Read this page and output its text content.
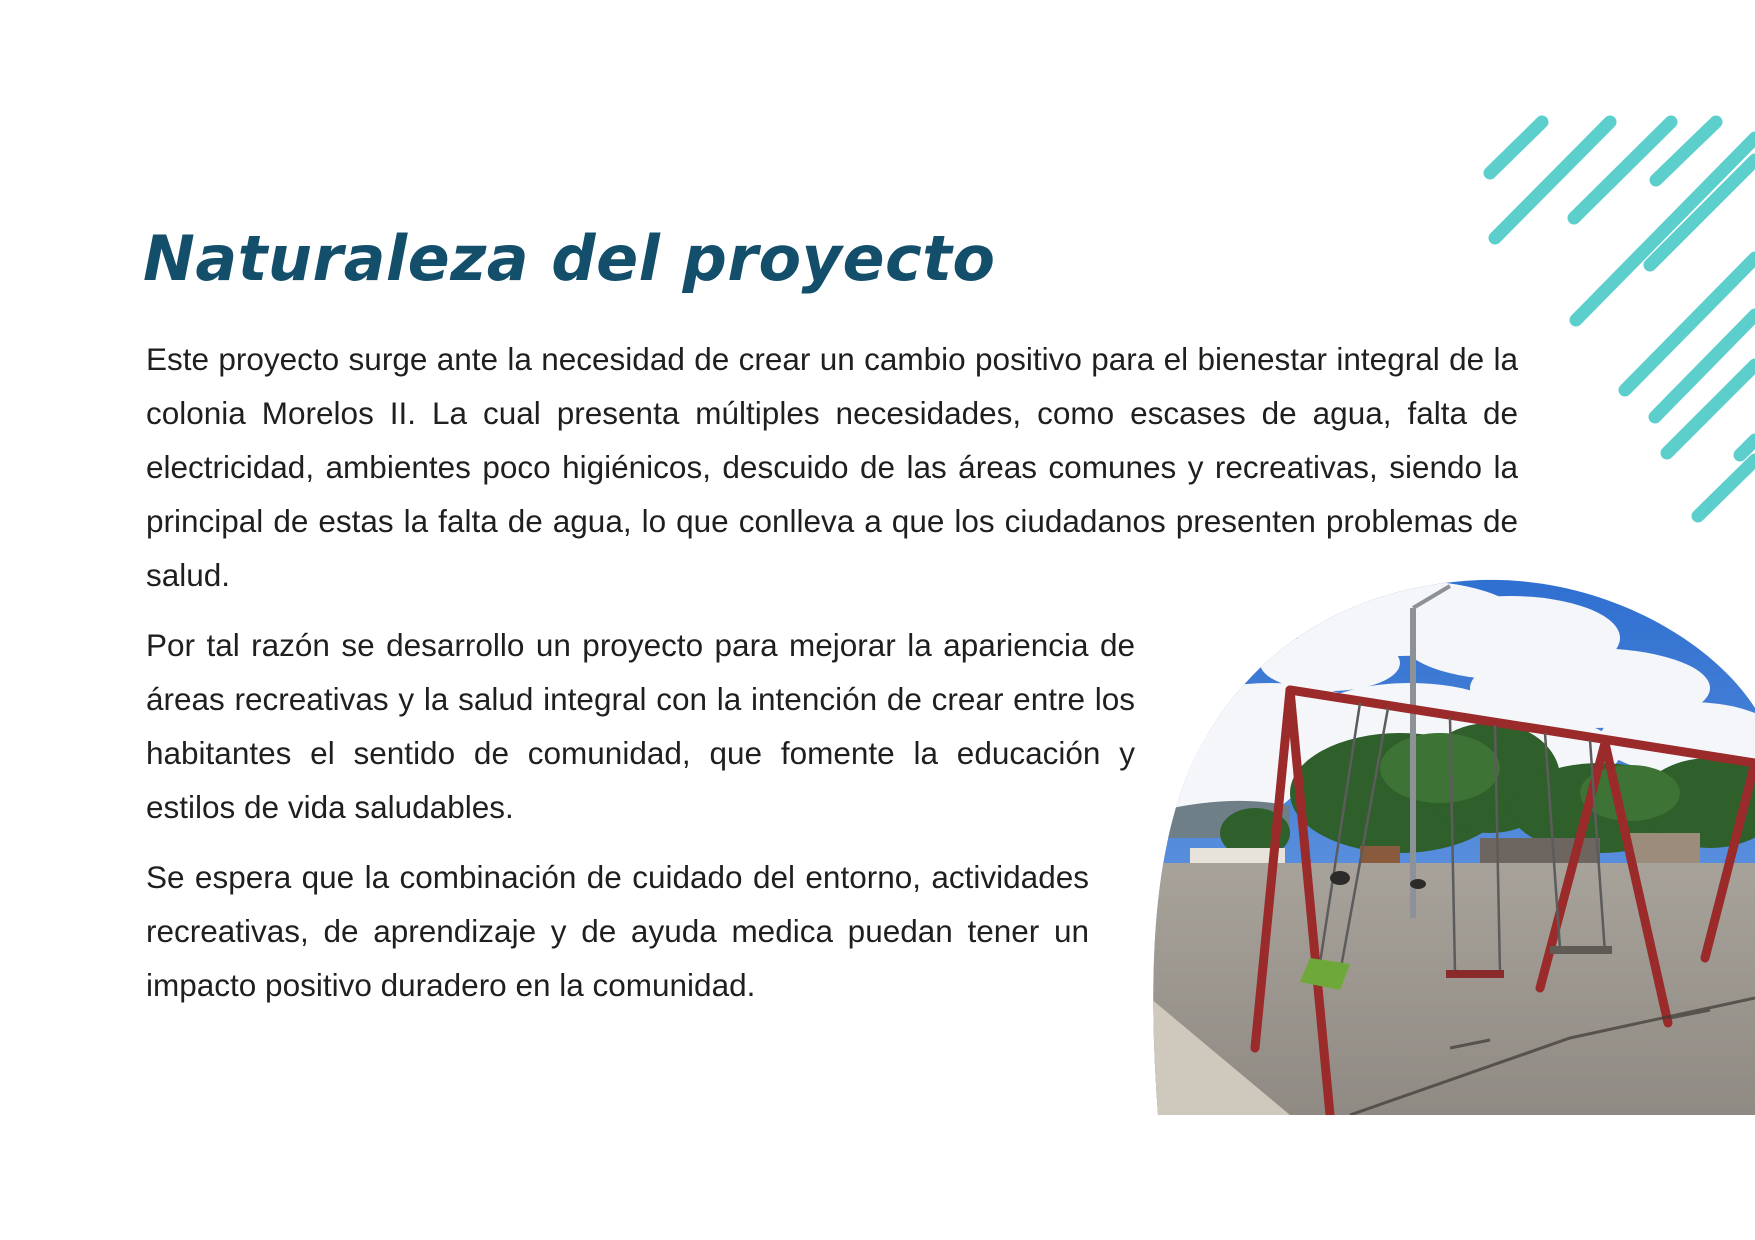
Naturaleza del proyecto

Este proyecto surge ante la necesidad de crear un cambio positivo para el bienestar integral de la colonia Morelos II. La cual presenta múltiples necesidades, como escases de agua, falta de electricidad, ambientes poco higiénicos, descuido de las áreas comunes y recreativas, siendo la principal de estas la falta de agua, lo que conlleva a que los ciudadanos presenten problemas de salud.

Por tal razón se desarrollo un proyecto para mejorar la apariencia de áreas recreativas y la salud integral con la intención de crear entre los habitantes el sentido de comunidad, que fomente la educación y estilos de vida saludables.

Se espera que la combinación de cuidado del entorno, actividades recreativas, de aprendizaje y de ayuda medica puedan tener un impacto positivo duradero en la comunidad.
